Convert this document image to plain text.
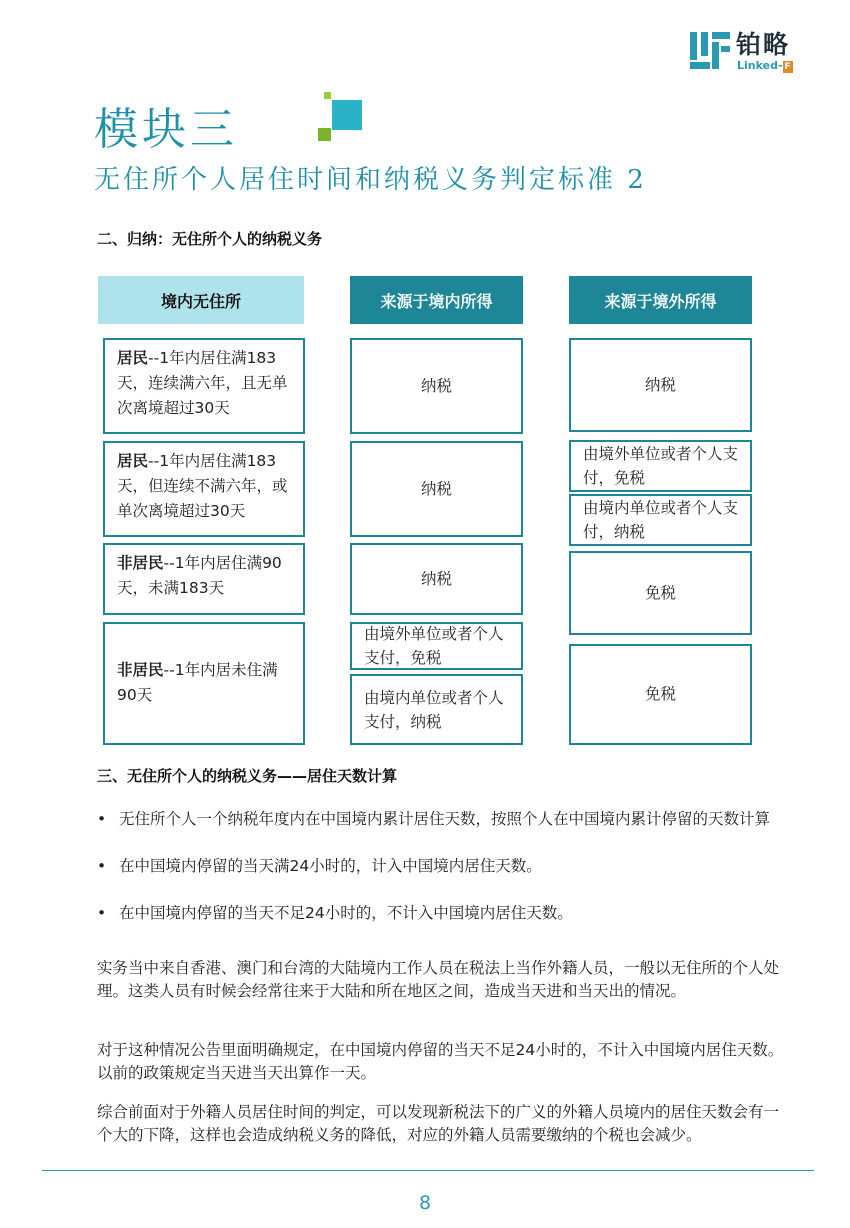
铂略
Linked- F
模块三
无住所个人居住时间和纳税义务判定标准 2
二、归纳：无住所个人的纳税义务
境内无住所	来源于境内所得	来源于境外所得
居民--1年内居住满183天，连续满六年，且无单次离境超过30天
居民--1年内居住满183天，但连续不满六年，或单次离境超过30天
非居民--1年内居住满90天，未满183天
非居民--1年内居未住满90天
纳税
纳税
纳税
由境外单位或者个人支付，免税
由境内单位或者个人支付，纳税
纳税
由境外单位或者个人支付，免税
由境内单位或者个人支付，纳税
免税
免税
三、无住所个人的纳税义务——居住天数计算
• 无住所个人一个纳税年度内在中国境内累计居住天数，按照个人在中国境内累计停留的天数计算
• 在中国境内停留的当天满24小时的，计入中国境内居住天数。
• 在中国境内停留的当天不足24小时的，不计入中国境内居住天数。

实务当中来自香港、澳门和台湾的大陆境内工作人员在税法上当作外籍人员，一般以无住所的个人处理。这类人员有时候会经常往来于大陆和所在地区之间，造成当天进和当天出的情况。

对于这种情况公告里面明确规定，在中国境内停留的当天不足24小时的，不计入中国境内居住天数。以前的政策规定当天进当天出算作一天。

综合前面对于外籍人员居住时间的判定，可以发现新税法下的广义的外籍人员境内的居住天数会有一个大的下降，这样也会造成纳税义务的降低，对应的外籍人员需要缴纳的个税也会减少。

8
